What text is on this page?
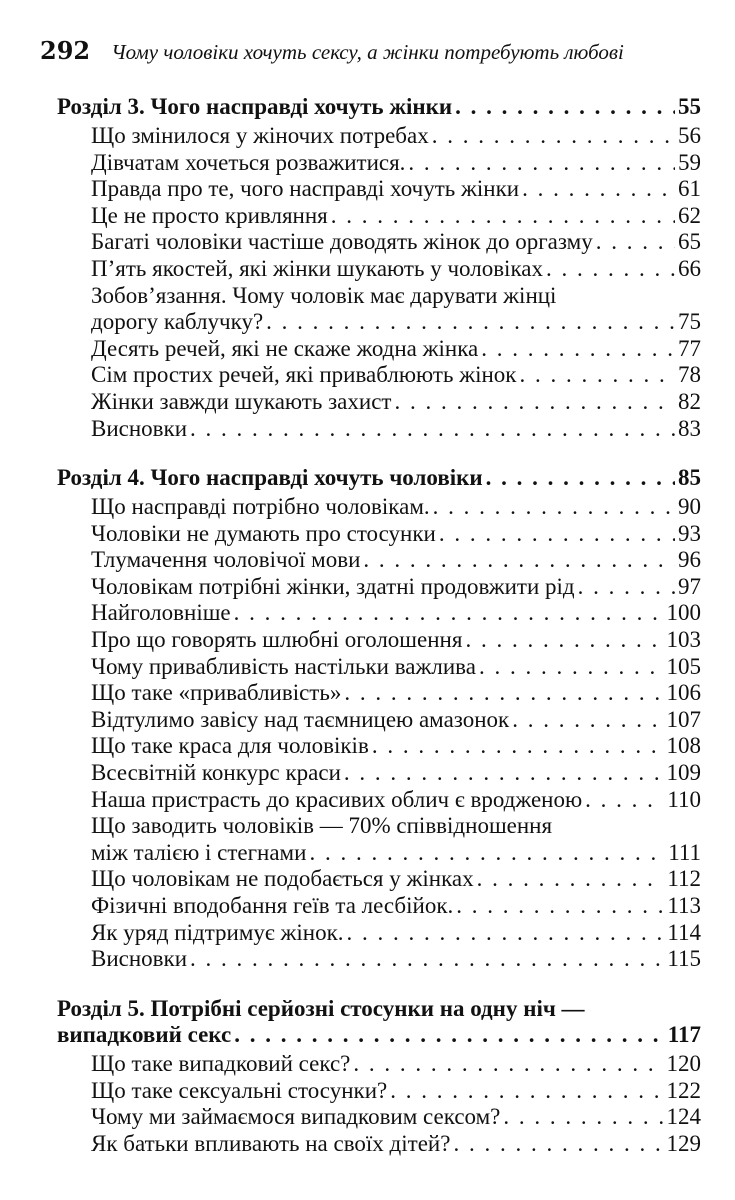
292 Чому чоловіки хочуть сексу, а жінки потребують любові
Розділ 3. Чого насправді хочуть жінки . . .	55
Що змінилося у жіночих потребах . . .	56
Дівчатам хочеться розважитися. . . .	59
Правда про те, чого насправді хочуть жінки . . .	61
Це не просто кривляння . . .	62
Багаті чоловіки частіше доводять жінок до оргазму . . .	65
П’ять якостей, які жінки шукають у чоловіках . . .	66
Зобов’язання. Чому чоловік має дарувати жінці
дорогу каблучку? . . .	75
Десять речей, які не скаже жодна жінка . . .	77
Сім простих речей, які приваблюють жінок . . .	78
Жінки завжди шукають захист . . .	82
Висновки . . .	83
Розділ 4. Чого насправді хочуть чоловіки . . .	85
Що насправді потрібно чоловікам. . . .	90
Чоловіки не думають про стосунки . . .	93
Тлумачення чоловічої мови . . .	96
Чоловікам потрібні жінки, здатні продовжити рід . . .	97
Найголовніше . . .	100
Про що говорять шлюбні оголошення . . .	103
Чому привабливість настільки важлива . . .	105
Що таке «привабливість» . . .	106
Відтулимо завісу над таємницею амазонок . . .	107
Що таке краса для чоловіків . . .	108
Всесвітній конкурс краси . . .	109
Наша пристрасть до красивих облич є вродженою . . .	110
Що заводить чоловіків — 70% співвідношення
між талією і стегнами . . .	111
Що чоловікам не подобається у жінках . . .	112
Фізичні вподобання геїв та лесбійок. . . .	113
Як уряд підтримує жінок. . . .	114
Висновки . . .	115
Розділ 5. Потрібні серйозні стосунки на одну ніч —
випадковий секс . . .	117
Що таке випадковий секс? . . .	120
Що таке сексуальні стосунки? . . .	122
Чому ми займаємося випадковим сексом? . . .	124
Як батьки впливають на своїх дітей? . . .	129
